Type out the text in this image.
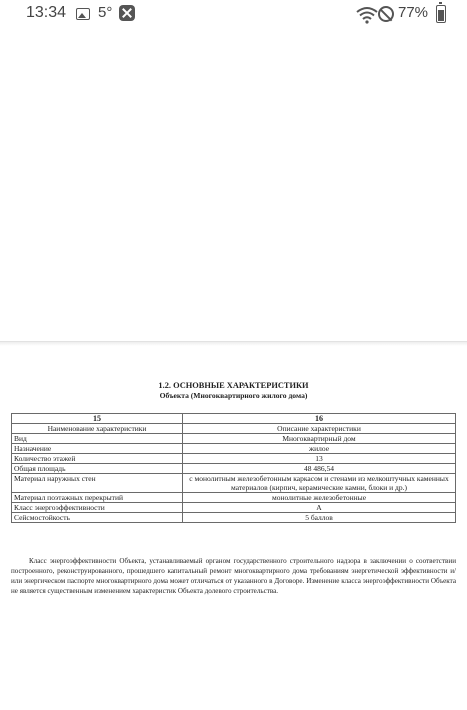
13:34 5°	77%
1.2. ОСНОВНЫЕ ХАРАКТЕРИСТИКИ
Объекта (Многоквартирного жилого дома)
15	16
Наименование характеристики	Описание характеристики
Вид	Многоквартирный дом
Назначение	жилое
Количество этажей	13
Общая площадь	48 486,54
Материал наружных стен	с монолитным железобетонным каркасом и стенами из мелкоштучных каменных материалов (кирпич, керамические камни, блоки и др.)
Материал поэтажных перекрытий	монолитные железобетонные
Класс энергоэффективности	А
Сейсмостойкость	5 баллов
Класс энергоэффективности Объекта, устанавливаемый органом государственного строительного надзора в заключении о соответствии построенного, реконструированного, прошедшего капитальный ремонт многоквартирного дома требованиям энергетической эффективности и/или энергическом паспорте многоквартирного дома может отличаться от указанного в Договоре. Изменение класса энергоэффективности Объекта не является существенным изменением характеристик Объекта долевого строительства.
